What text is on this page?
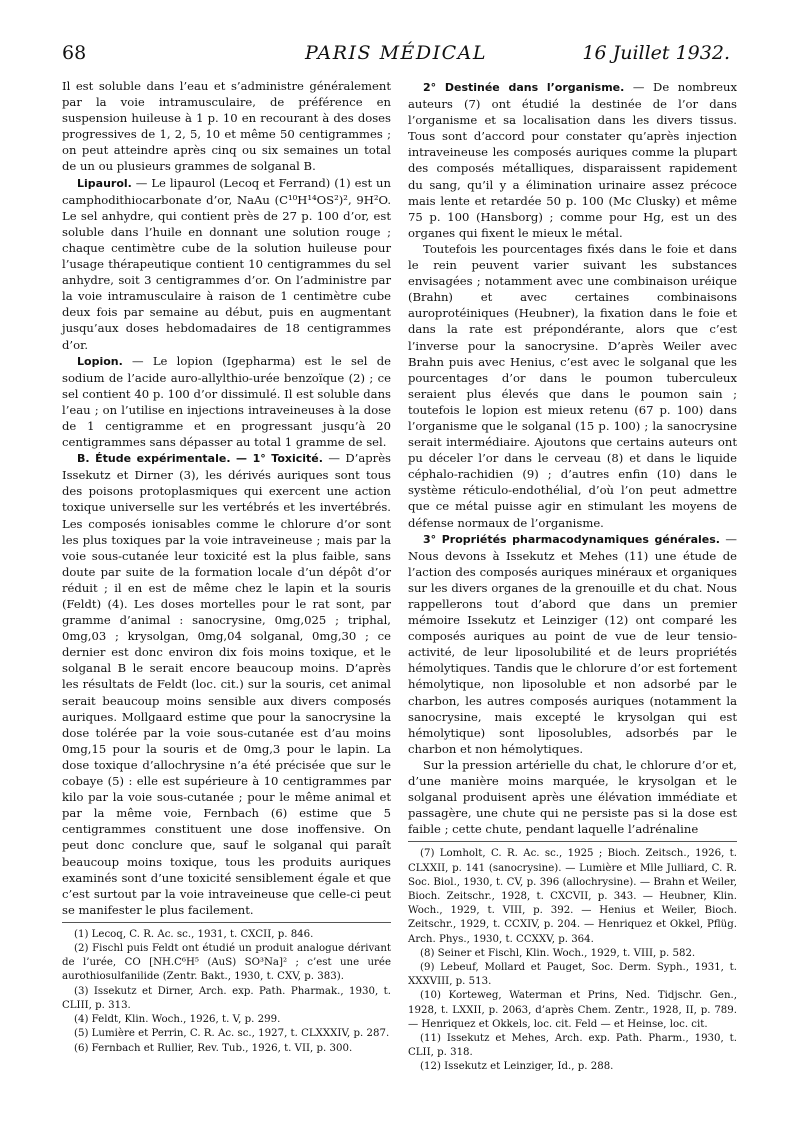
68	PARIS MÉDICAL	16 Juillet 1932.

Il est soluble dans l’eau et s’administre généralement par la voie intramusculaire, de préférence en suspension huileuse à 1 p. 10 en recourant à des doses progressives de 1, 2, 5, 10 et même 50 centigrammes ; on peut atteindre après cinq ou six semaines un total de un ou plusieurs grammes de solganal B.

Lipaurol. — Le lipaurol (Lecoq et Ferrand) (1) est un camphodithiocarbonate d’or, NaAu (C¹⁰H¹⁴OS²)², 9H²O. Le sel anhydre, qui contient près de 27 p. 100 d’or, est soluble dans l’huile en donnant une solution rouge ; chaque centimètre cube de la solution huileuse pour l’usage thérapeutique contient 10 centigrammes du sel anhydre, soit 3 centigrammes d’or. On l’administre par la voie intramusculaire à raison de 1 centimètre cube deux fois par semaine au début, puis en augmentant jusqu’aux doses hebdomadaires de 18 centigrammes d’or.

Lopion. — Le lopion (Igepharma) est le sel de sodium de l’acide auro-allylthio-urée benzoïque (2) ; ce sel contient 40 p. 100 d’or dissimulé. Il est soluble dans l’eau ; on l’utilise en injections intraveineuses à la dose de 1 centigramme et en progressant jusqu’à 20 centigrammes sans dépasser au total 1 gramme de sel.

B. Étude expérimentale. — 1° Toxicité. — D’après Issekutz et Dirner (3), les dérivés auriques sont tous des poisons protoplasmiques qui exercent une action toxique universelle sur les vertébrés et les invertébrés. Les composés ionisables comme le chlorure d’or sont les plus toxiques par la voie intraveineuse ; mais par la voie sous-cutanée leur toxicité est la plus faible, sans doute par suite de la formation locale d’un dépôt d’or réduit ; il en est de même chez le lapin et la souris (Feldt) (4). Les doses mortelles pour le rat sont, par gramme d’animal : sanocrysine, 0mg,025 ; triphal, 0mg,03 ; krysolgan, 0mg,04 solganal, 0mg,30 ; ce dernier est donc environ dix fois moins toxique, et le solganal B le serait encore beaucoup moins. D’après les résultats de Feldt (loc. cit.) sur la souris, cet animal serait beaucoup moins sensible aux divers composés auriques. Mollgaard estime que pour la sanocrysine la dose tolérée par la voie sous-cutanée est d’au moins 0mg,15 pour la souris et de 0mg,3 pour le lapin. La dose toxique d’allochrysine n’a été précisée que sur le cobaye (5) : elle est supérieure à 10 centigrammes par kilo par la voie sous-cutanée ; pour le même animal et par la même voie, Fernbach (6) estime que 5 centigrammes constituent une dose inoffensive. On peut donc conclure que, sauf le solganal qui paraît beaucoup moins toxique, tous les produits auriques examinés sont d’une toxicité sensiblement égale et que c’est surtout par la voie intraveineuse que celle-ci peut se manifester le plus facilement.

(1) Lecoq, C. R. Ac. sc., 1931, t. CXCII, p. 846.

(2) Fischl puis Feldt ont étudié un produit analogue dérivant de l’urée, CO [NH.C⁶H⁵ (AuS) SO³Na]² ; c’est une urée aurothiosulfanilide (Zentr. Bakt., 1930, t. CXV, p. 383).

(3) Issekutz et Dirner, Arch. exp. Path. Pharmak., 1930, t. CLIII, p. 313.

(4) Feldt, Klin. Woch., 1926, t. V, p. 299.

(5) Lumière et Perrin, C. R. Ac. sc., 1927, t. CLXXXIV, p. 287.

(6) Fernbach et Rullier, Rev. Tub., 1926, t. VII, p. 300.

2° Destinée dans l’organisme. — De nombreux auteurs (7) ont étudié la destinée de l’or dans l’organisme et sa localisation dans les divers tissus. Tous sont d’accord pour constater qu’après injection intraveineuse les composés auriques comme la plupart des composés métalliques, disparaissent rapidement du sang, qu’il y a élimination urinaire assez précoce mais lente et retardée 50 p. 100 (Mc Clusky) et même 75 p. 100 (Hansborg) ; comme pour Hg, est un des organes qui fixent le mieux le métal.

Toutefois les pourcentages fixés dans le foie et dans le rein peuvent varier suivant les substances envisagées ; notamment avec une combinaison uréique (Brahn) et avec certaines combinaisons auroprotéiniques (Heubner), la fixation dans le foie et dans la rate est prépondérante, alors que c’est l’inverse pour la sanocrysine. D’après Weiler avec Brahn puis avec Henius, c’est avec le solganal que les pourcentages d’or dans le poumon tuberculeux seraient plus élevés que dans le poumon sain ; toutefois le lopion est mieux retenu (67 p. 100) dans l’organisme que le solganal (15 p. 100) ; la sanocrysine serait intermédiaire. Ajoutons que certains auteurs ont pu déceler l’or dans le cerveau (8) et dans le liquide céphalo-rachidien (9) ; d’autres enfin (10) dans le système réticulo-endothélial, d’où l’on peut admettre que ce métal puisse agir en stimulant les moyens de défense normaux de l’organisme.

3° Propriétés pharmacodynamiques générales. — Nous devons à Issekutz et Mehes (11) une étude de l’action des composés auriques minéraux et organiques sur les divers organes de la grenouille et du chat. Nous rappellerons tout d’abord que dans un premier mémoire Issekutz et Leinziger (12) ont comparé les composés auriques au point de vue de leur tensio-activité, de leur liposolubilité et de leurs propriétés hémolytiques. Tandis que le chlorure d’or est fortement hémolytique, non liposoluble et non adsorbé par le charbon, les autres composés auriques (notamment la sanocrysine, mais excepté le krysolgan qui est hémolytique) sont liposolubles, adsorbés par le charbon et non hémolytiques.

Sur la pression artérielle du chat, le chlorure d’or et, d’une manière moins marquée, le krysolgan et le solganal produisent après une élévation immédiate et passagère, une chute qui ne persiste pas si la dose est faible ; cette chute, pendant laquelle l’adrénaline

(7) Lomholt, C. R. Ac. sc., 1925 ; Bioch. Zeitsch., 1926, t. CLXXII, p. 141 (sanocrysine). — Lumière et Mlle Julliard, C. R. Soc. Biol., 1930, t. CV, p. 396 (allochrysine). — Brahn et Weiler, Bioch. Zeitschr., 1928, t. CXCVII, p. 343. — Heubner, Klin. Woch., 1929, t. VIII, p. 392. — Henius et Weiler, Bioch. Zeitschr., 1929, t. CCXIV, p. 204. — Henriquez et Okkel, Pflüg. Arch. Phys., 1930, t. CCXXV, p. 364.

(8) Seiner et Fischl, Klin. Woch., 1929, t. VIII, p. 582.

(9) Lebeuf, Mollard et Pauget, Soc. Derm. Syph., 1931, t. XXXVIII, p. 513.

(10) Korteweg, Waterman et Prins, Ned. Tidjschr. Gen., 1928, t. LXXII, p. 2063, d’après Chem. Zentr., 1928, II, p. 789. — Henriquez et Okkels, loc. cit. Feld — et Heinse, loc. cit.

(11) Issekutz et Mehes, Arch. exp. Path. Pharm., 1930, t. CLII, p. 318.

(12) Issekutz et Leinziger, Id., p. 288.
